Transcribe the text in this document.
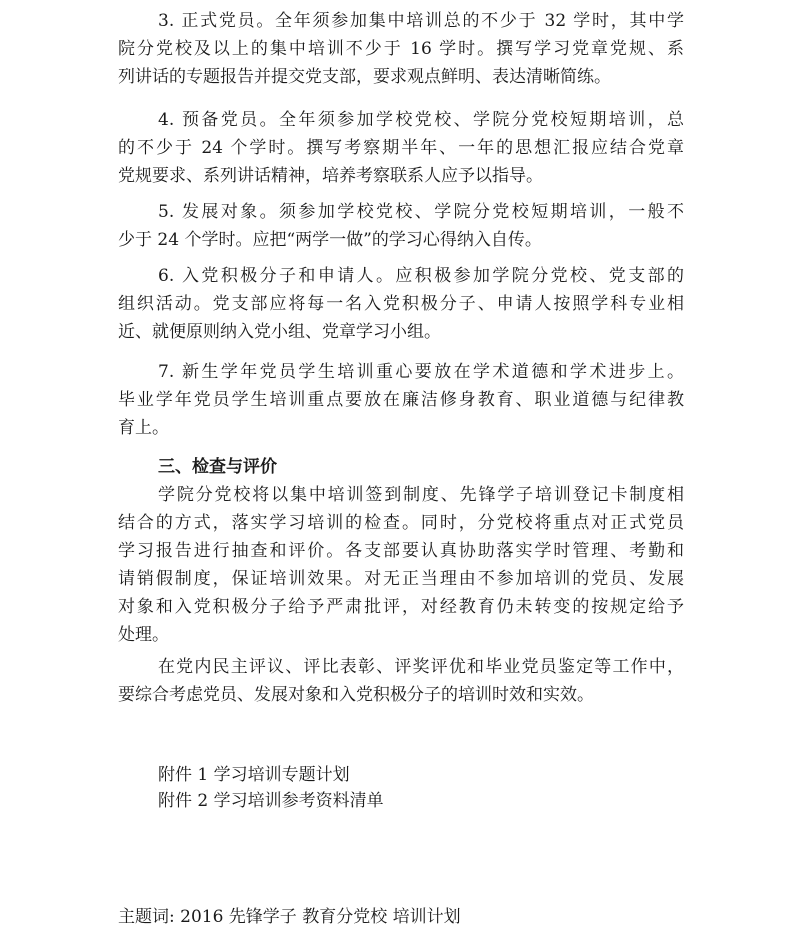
3. 正式党员。全年须参加集中培训总的不少于 32 学时，其中学
院分党校及以上的集中培训不少于 16 学时。撰写学习党章党规、系
列讲话的专题报告并提交党支部，要求观点鲜明、表达清晰简练。
4. 预备党员。全年须参加学校党校、学院分党校短期培训，总
的不少于 24 个学时。撰写考察期半年、一年的思想汇报应结合党章
党规要求、系列讲话精神，培养考察联系人应予以指导。
5. 发展对象。须参加学校党校、学院分党校短期培训，一般不
少于 24 个学时。应把“两学一做”的学习心得纳入自传。
6. 入党积极分子和申请人。应积极参加学院分党校、党支部的
组织活动。党支部应将每一名入党积极分子、申请人按照学科专业相
近、就便原则纳入党小组、党章学习小组。
7. 新生学年党员学生培训重心要放在学术道德和学术进步上。
毕业学年党员学生培训重点要放在廉洁修身教育、职业道德与纪律教
育上。
三、检查与评价
学院分党校将以集中培训签到制度、先锋学子培训登记卡制度相
结合的方式，落实学习培训的检查。同时，分党校将重点对正式党员
学习报告进行抽查和评价。各支部要认真协助落实学时管理、考勤和
请销假制度，保证培训效果。对无正当理由不参加培训的党员、发展
对象和入党积极分子给予严肃批评，对经教育仍未转变的按规定给予
处理。
在党内民主评议、评比表彰、评奖评优和毕业党员鉴定等工作中，
要综合考虑党员、发展对象和入党积极分子的培训时效和实效。
附件 1 学习培训专题计划
附件 2 学习培训参考资料清单
主题词: 2016 先锋学子 教育分党校 培训计划
